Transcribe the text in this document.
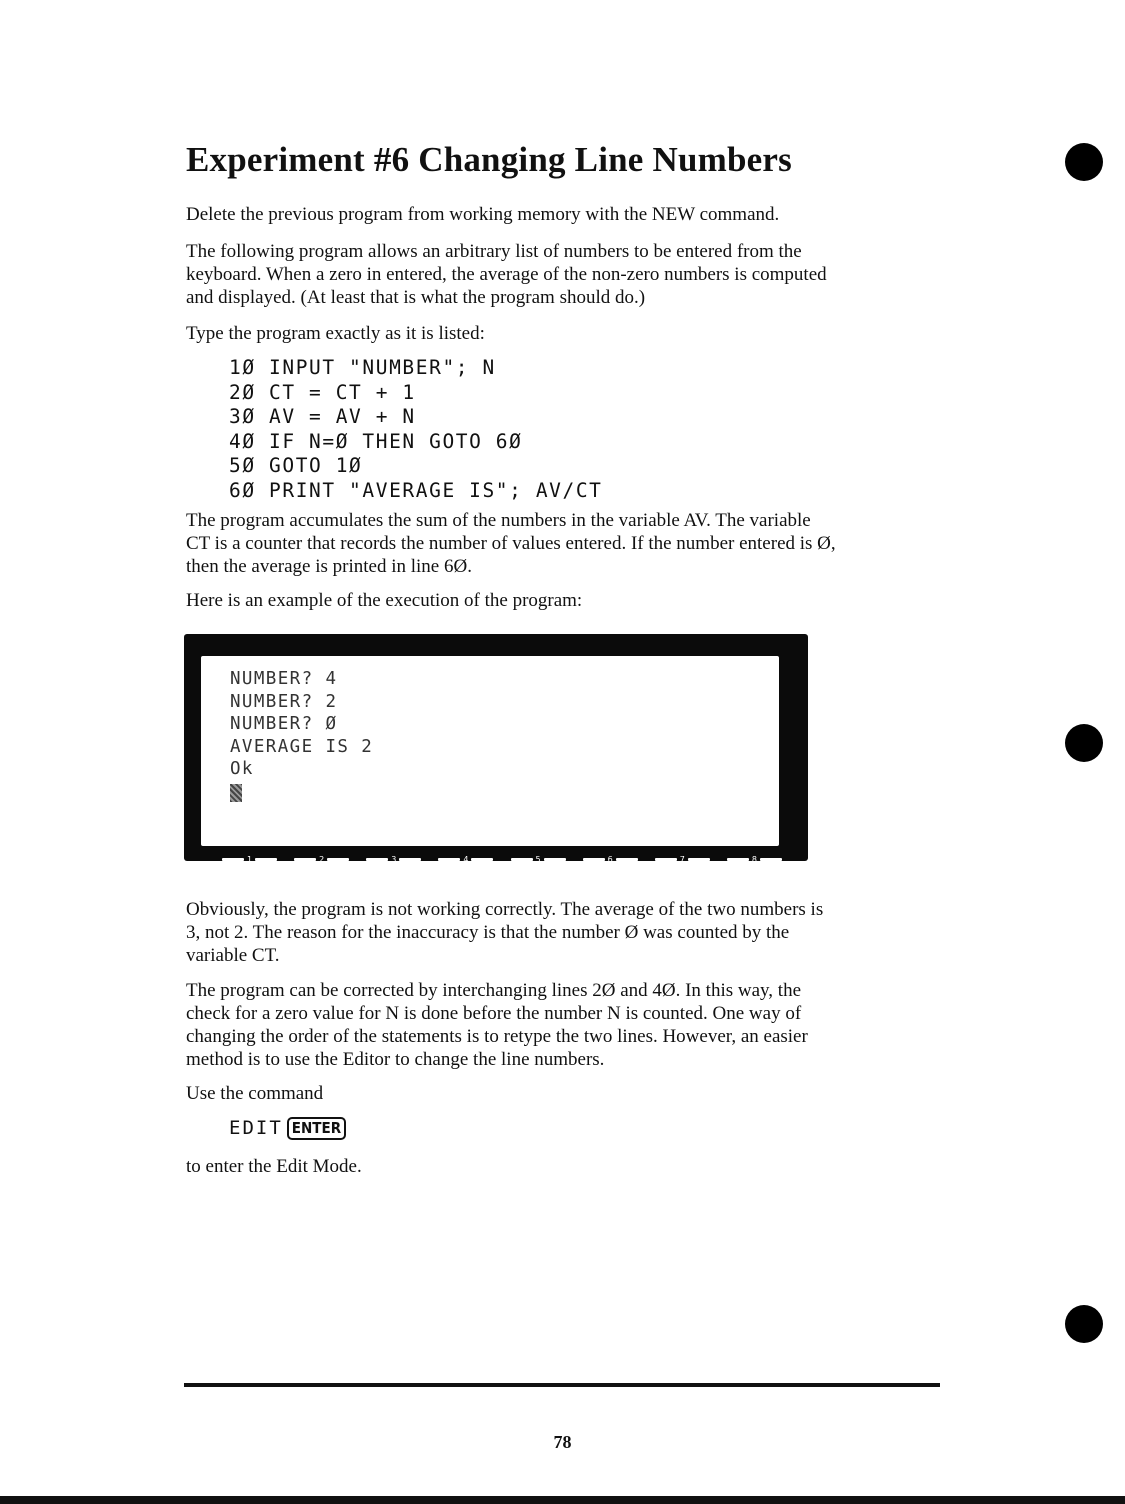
Experiment #6 Changing Line Numbers
Delete the previous program from working memory with the NEW command.
The following program allows an arbitrary list of numbers to be entered from the
keyboard. When a zero in entered, the average of the non-zero numbers is computed
and displayed. (At least that is what the program should do.)
Type the program exactly as it is listed:
1Ø INPUT "NUMBER"; N
2Ø CT = CT + 1
3Ø AV = AV + N
4Ø IF N=Ø THEN GOTO 6Ø
5Ø GOTO 1Ø
6Ø PRINT "AVERAGE IS"; AV/CT
The program accumulates the sum of the numbers in the variable AV. The variable
CT is a counter that records the number of values entered. If the number entered is Ø,
then the average is printed in line 6Ø.
Here is an example of the execution of the program:
NUMBER? 4
NUMBER? 2
NUMBER? Ø
AVERAGE IS 2
Ok
1	2	3	4	5	6	7	8
Obviously, the program is not working correctly. The average of the two numbers is
3, not 2. The reason for the inaccuracy is that the number Ø was counted by the
variable CT.
The program can be corrected by interchanging lines 2Ø and 4Ø. In this way, the
check for a zero value for N is done before the number N is counted. One way of
changing the order of the statements is to retype the two lines. However, an easier
method is to use the Editor to change the line numbers.
Use the command
EDIT ENTER
to enter the Edit Mode.
78
